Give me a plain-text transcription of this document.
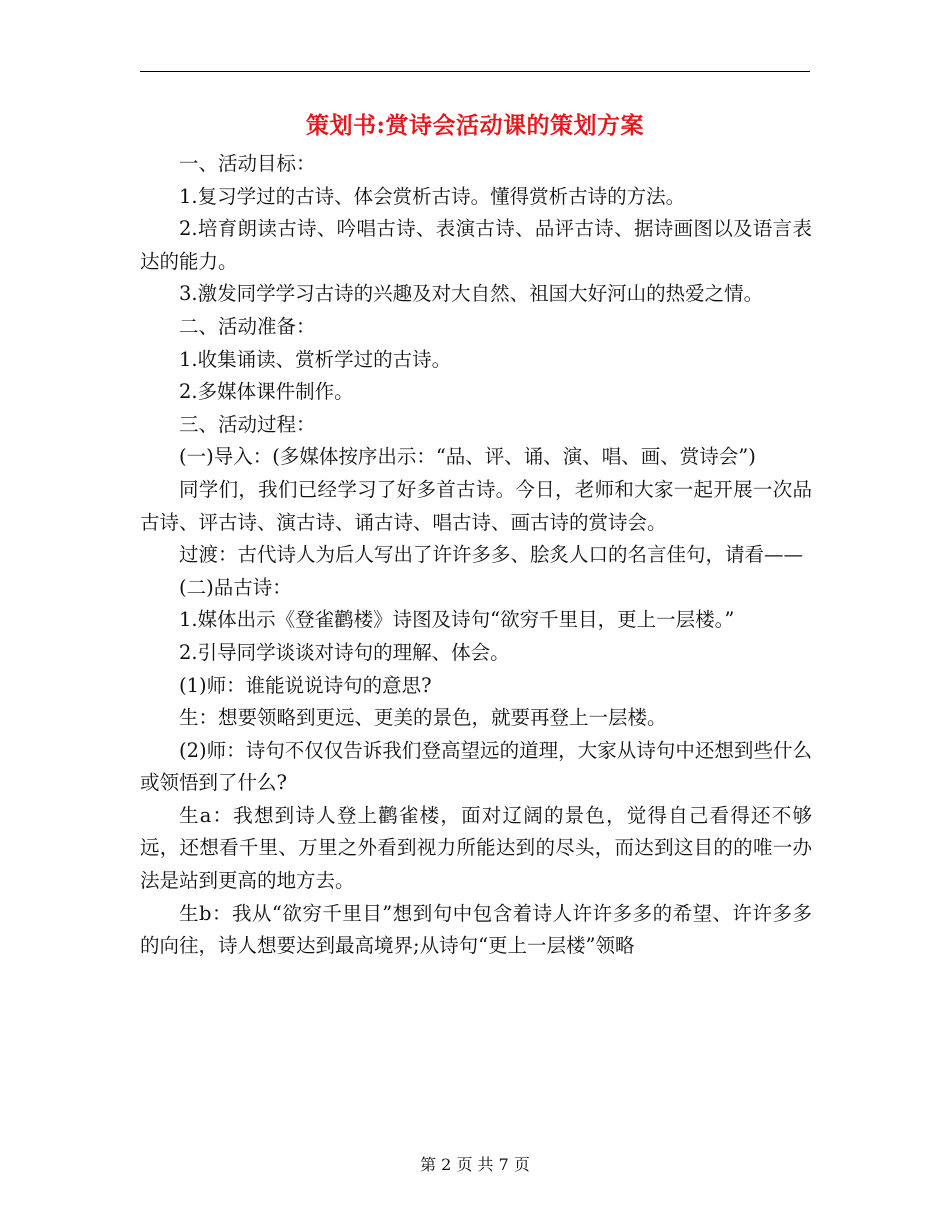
策划书:赏诗会活动课的策划方案

一、活动目标：

1.复习学过的古诗、体会赏析古诗。懂得赏析古诗的方法。

2.培育朗读古诗、吟唱古诗、表演古诗、品评古诗、据诗画图以及语言表达的能力。

3.激发同学学习古诗的兴趣及对大自然、祖国大好河山的热爱之情。

二、活动准备：

1.收集诵读、赏析学过的古诗。

2.多媒体课件制作。

三、活动过程：

(一)导入：(多媒体按序出示：“品、评、诵、演、唱、画、赏诗会”)

同学们，我们已经学习了好多首古诗。今日，老师和大家一起开展一次品古诗、评古诗、演古诗、诵古诗、唱古诗、画古诗的赏诗会。

过渡：古代诗人为后人写出了许许多多、脍炙人口的名言佳句，请看——

(二)品古诗：

1.媒体出示《登雀鹳楼》诗图及诗句“欲穷千里目，更上一层楼。”

2.引导同学谈谈对诗句的理解、体会。

(1)师：谁能说说诗句的意思?

生：想要领略到更远、更美的景色，就要再登上一层楼。

(2)师：诗句不仅仅告诉我们登高望远的道理，大家从诗句中还想到些什么或领悟到了什么?

生a：我想到诗人登上鹳雀楼，面对辽阔的景色，觉得自己看得还不够远，还想看千里、万里之外看到视力所能达到的尽头，而达到这目的的唯一办法是站到更高的地方去。

生b：我从“欲穷千里目”想到句中包含着诗人许许多多的希望、许许多多的向往，诗人想要达到最高境界;从诗句“更上一层楼”领略

第 2 页 共 7 页
